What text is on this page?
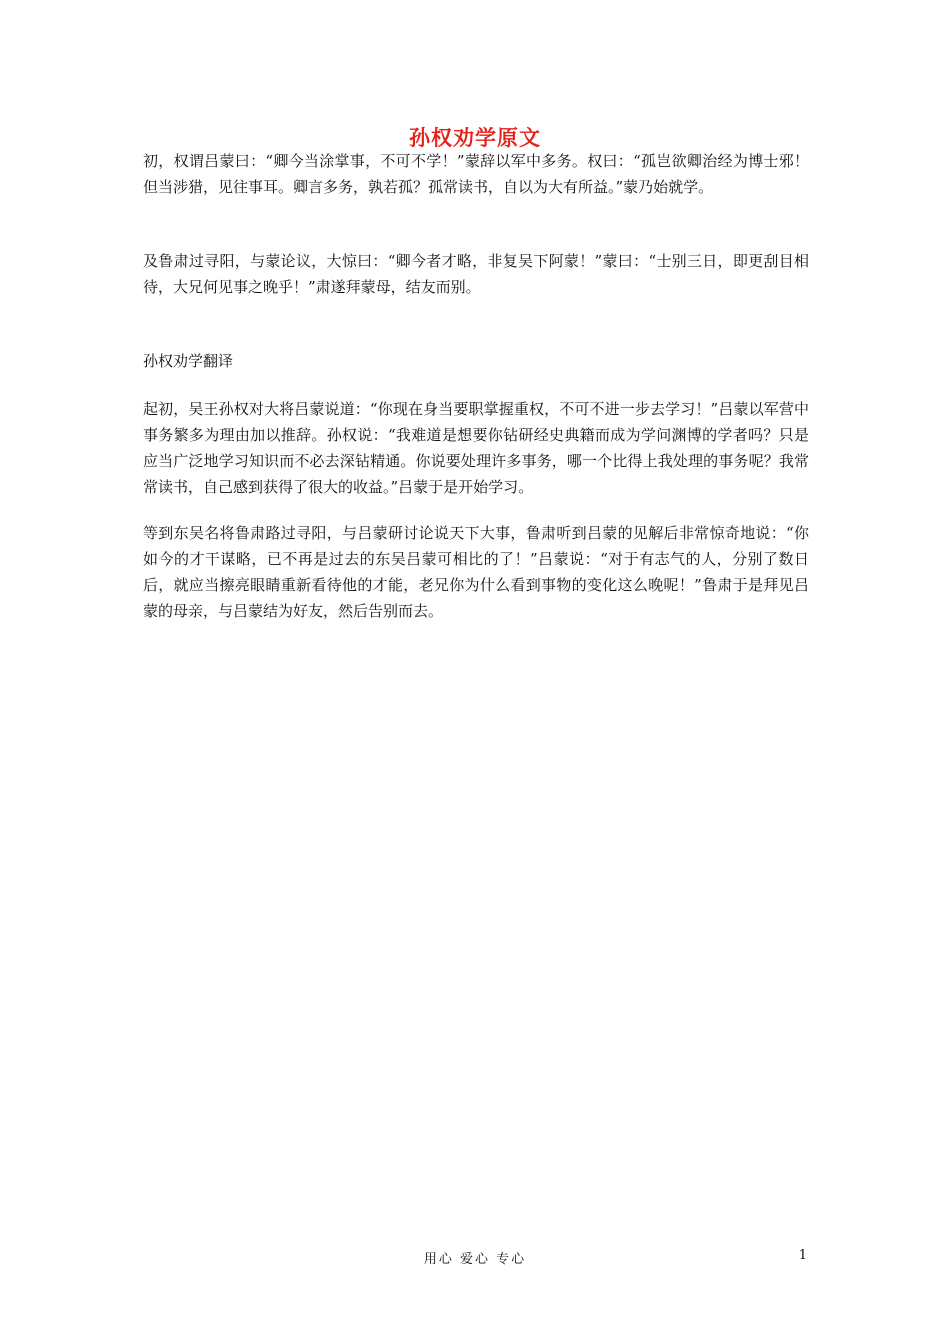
孙权劝学原文

初，权谓吕蒙曰：“卿今当涂掌事，不可不学！”蒙辞以军中多务。权曰：“孤岂欲卿治经为博士邪！但当涉猎，见往事耳。卿言多务，孰若孤？孤常读书，自以为大有所益。”蒙乃始就学。

及鲁肃过寻阳，与蒙论议，大惊曰：“卿今者才略，非复吴下阿蒙！”蒙曰：“士别三日，即更刮目相待，大兄何见事之晚乎！”肃遂拜蒙母，结友而别。

孙权劝学翻译

起初，吴王孙权对大将吕蒙说道：“你现在身当要职掌握重权，不可不进一步去学习！”吕蒙以军营中事务繁多为理由加以推辞。孙权说：“我难道是想要你钻研经史典籍而成为学问渊博的学者吗？只是应当广泛地学习知识而不必去深钻精通。你说要处理许多事务，哪一个比得上我处理的事务呢？我常常读书，自己感到获得了很大的收益。”吕蒙于是开始学习。

等到东吴名将鲁肃路过寻阳，与吕蒙研讨论说天下大事，鲁肃听到吕蒙的见解后非常惊奇地说：“你如今的才干谋略，已不再是过去的东吴吕蒙可相比的了！”吕蒙说：“对于有志气的人，分别了数日后，就应当擦亮眼睛重新看待他的才能，老兄你为什么看到事物的变化这么晚呢！”鲁肃于是拜见吕蒙的母亲，与吕蒙结为好友，然后告别而去。

用心 爱心 专心	1
